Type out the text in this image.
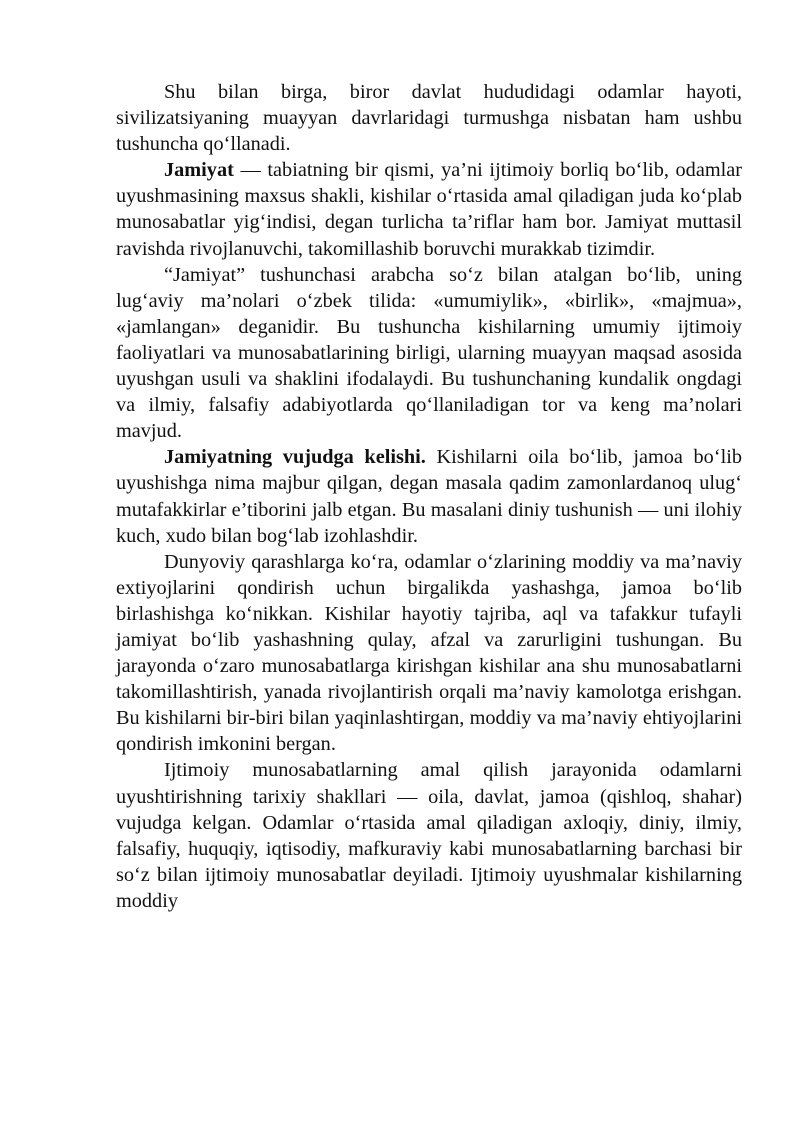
Shu bilan birga, biror davlat hududidagi odamlar hayoti, sivilizatsiyaning muayyan davrlaridagi turmushga nisbatan ham ushbu tushuncha qo‘llanadi.

Jamiyat — tabiatning bir qismi, ya’ni ijtimoiy borliq bo‘lib, odamlar uyushmasining maxsus shakli, kishilar o‘rtasida amal qiladigan juda ko‘plab munosabatlar yig‘indisi, degan turlicha ta’riflar ham bor. Jamiyat muttasil ravishda rivojlanuvchi, takomillashib boruvchi murakkab tizimdir.

“Jamiyat” tushunchasi arabcha so‘z bilan atalgan bo‘lib, uning lug‘aviy ma’nolari o‘zbek tilida: «umumiylik», «birlik», «majmua», «jamlangan» deganidir. Bu tushuncha kishilarning umumiy ijtimoiy faoliyatlari va munosabatlarining birligi, ularning muayyan maqsad asosida uyushgan usuli va shaklini ifodalaydi. Bu tushunchaning kundalik ongdagi va ilmiy, falsafiy adabiyotlarda qo‘llaniladigan tor va keng ma’nolari mavjud.

Jamiyatning vujudga kelishi. Kishilarni oila bo‘lib, jamoa bo‘lib uyushishga nima majbur qilgan, degan masala qadim zamonlardanoq ulug‘ mutafakkirlar e’tiborini jalb etgan. Bu masalani diniy tushunish — uni ilohiy kuch, xudo bilan bog‘lab izohlashdir.

Dunyoviy qarashlarga ko‘ra, odamlar o‘zlarining moddiy va ma’naviy extiyojlarini qondirish uchun birgalikda yashashga, jamoa bo‘lib birlashishga ko‘nikkan. Kishilar hayotiy tajriba, aql va tafakkur tufayli jamiyat bo‘lib yashashning qulay, afzal va zarurligini tushungan. Bu jarayonda o‘zaro munosabatlarga kirishgan kishilar ana shu munosabatlarni takomillashtirish, yanada rivojlantirish orqali ma’naviy kamolotga erishgan. Bu kishilarni bir-biri bilan yaqinlashtirgan, moddiy va ma’naviy ehtiyojlarini qondirish imkonini bergan.

Ijtimoiy munosabatlarning amal qilish jarayonida odamlarni uyushtirishning tarixiy shakllari — oila, davlat, jamoa (qishloq, shahar) vujudga kelgan. Odamlar o‘rtasida amal qiladigan axloqiy, diniy, ilmiy, falsafiy, huquqiy, iqtisodiy, mafkuraviy kabi munosabatlarning barchasi bir so‘z bilan ijtimoiy munosabatlar deyiladi. Ijtimoiy uyushmalar kishilarning moddiy
